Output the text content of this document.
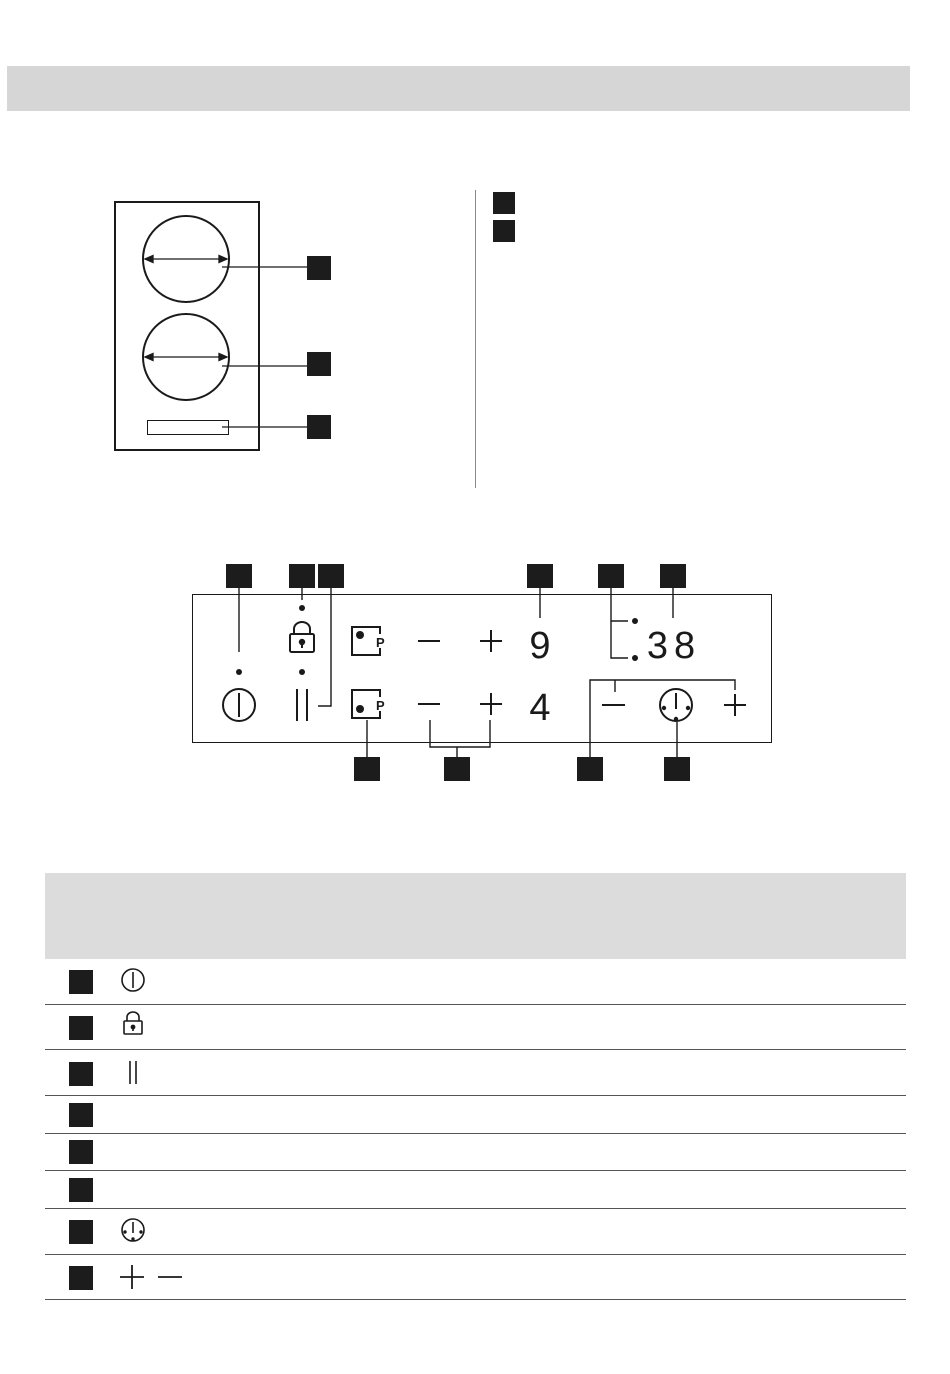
P
P
9
4
38
